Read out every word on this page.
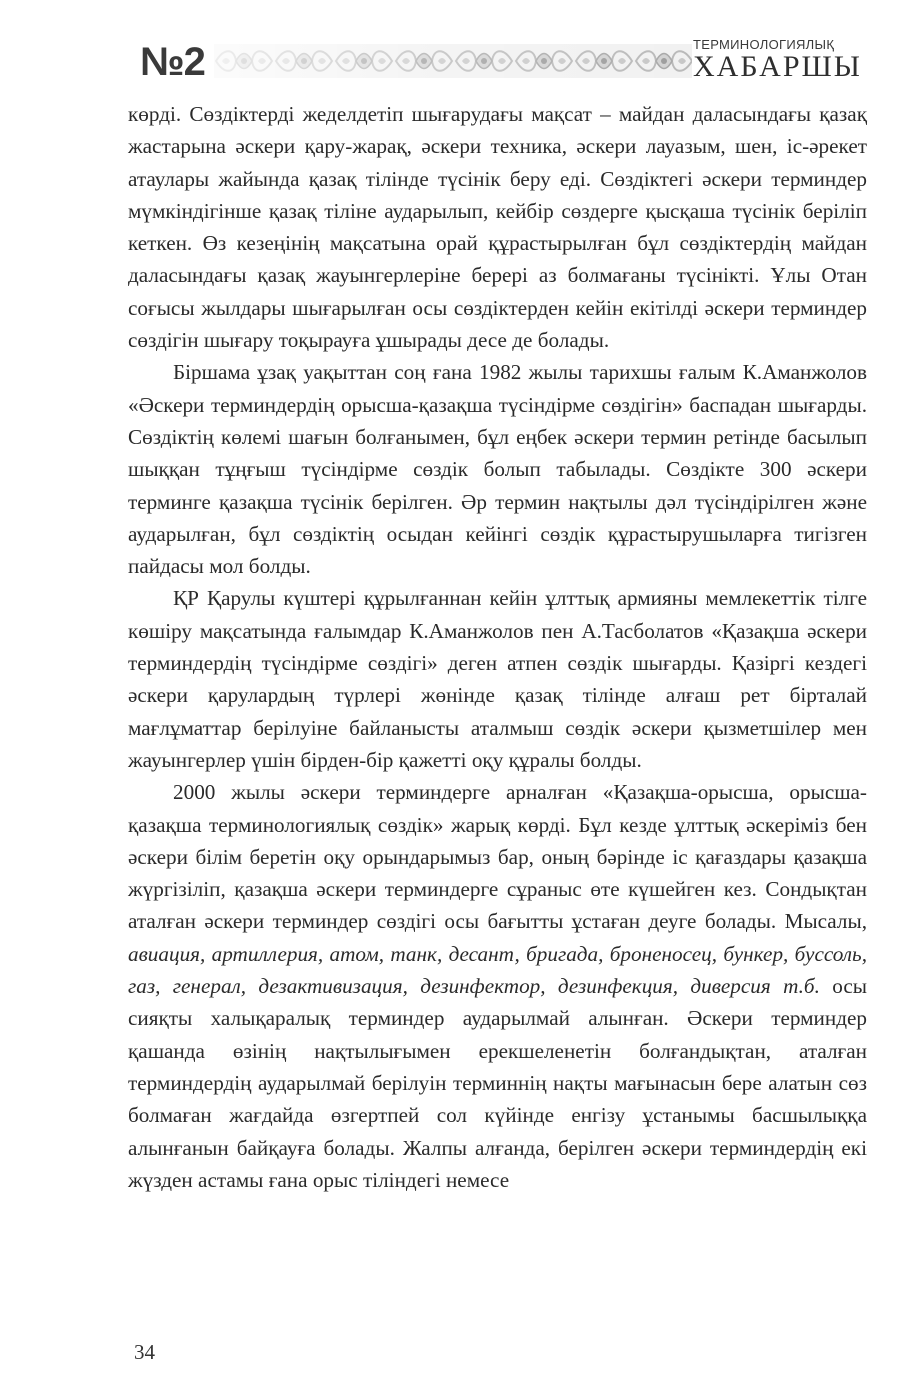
№2	ТЕРМИНОЛОГИЯЛЫҚ
ХАБАРШЫ

көрді. Сөздіктерді жеделдетіп шығарудағы мақсат – майдан даласындағы қазақ жастарына әскери қару-жарақ, әскери техника, әскери лауазым, шен, іс-әрекет атаулары жайында қазақ тілінде түсінік беру еді. Сөздіктегі әскери терминдер мүмкіндігінше қазақ тіліне аударылып, кейбір сөздерге қысқаша түсінік беріліп кеткен. Өз кезеңінің мақсатына орай құрастырылған бұл сөздіктердің майдан даласындағы қазақ жауынгерлеріне берері аз болмағаны түсінікті. Ұлы Отан соғысы жылдары шығарылған осы сөздіктерден кейін екітілді әскери терминдер сөздігін шығару тоқырауға ұшырады десе де болады.

Біршама ұзақ уақыттан соң ғана 1982 жылы тарихшы ғалым К.Аманжолов «Әскери терминдердің орысша-қазақша түсіндірме сөздігін» баспадан шығарды. Сөздіктің көлемі шағын болғанымен, бұл еңбек әскери термин ретінде басылып шыққан тұңғыш түсіндірме сөздік болып табылады. Сөздікте 300 әскери терминге қазақша түсінік берілген. Әр термин нақтылы дәл түсіндірілген және аударылған, бұл сөздіктің осыдан кейінгі сөздік құрастырушыларға тигізген пайдасы мол болды.

ҚР Қарулы күштері құрылғаннан кейін ұлттық армияны мемлекеттік тілге көшіру мақсатында ғалымдар К.Аманжолов пен А.Тасболатов «Қазақша әскери терминдердің түсіндірме сөздігі» деген атпен сөздік шығарды. Қазіргі кездегі әскери қарулардың түрлері жөнінде қазақ тілінде алғаш рет бірталай мағлұматтар берілуіне байланысты аталмыш сөздік әскери қызметшілер мен жауынгерлер үшін бірден-бір қажетті оқу құралы болды.

2000 жылы әскери терминдерге арналған «Қазақша-орысша, орысша-қазақша терминологиялық сөздік» жарық көрді. Бұл кезде ұлттық әскеріміз бен әскери білім беретін оқу орындарымыз бар, оның бәрінде іс қағаздары қазақша жүргізіліп, қазақша әскери терминдерге сұраныс өте күшейген кез. Сондықтан аталған әскери терминдер сөздігі осы бағытты ұстаған деуге болады. Мысалы, авиация, артиллерия, атом, танк, десант, бригада, броненосец, бункер, буссоль, газ, генерал, дезактивизация, дезинфектор, дезинфекция, диверсия т.б. осы сияқты халықаралық терминдер аударылмай алынған. Әскери терминдер қашанда өзінің нақтылығымен ерекшеленетін болғандықтан, аталған терминдердің аударылмай берілуін терминнің нақты мағынасын бере алатын сөз болмаған жағдайда өзгертпей сол күйінде енгізу ұстанымы басшылыққа алынғанын байқауға болады. Жалпы алғанда, берілген әскери терминдердің екі жүзден астамы ғана орыс тіліндегі немесе

34
